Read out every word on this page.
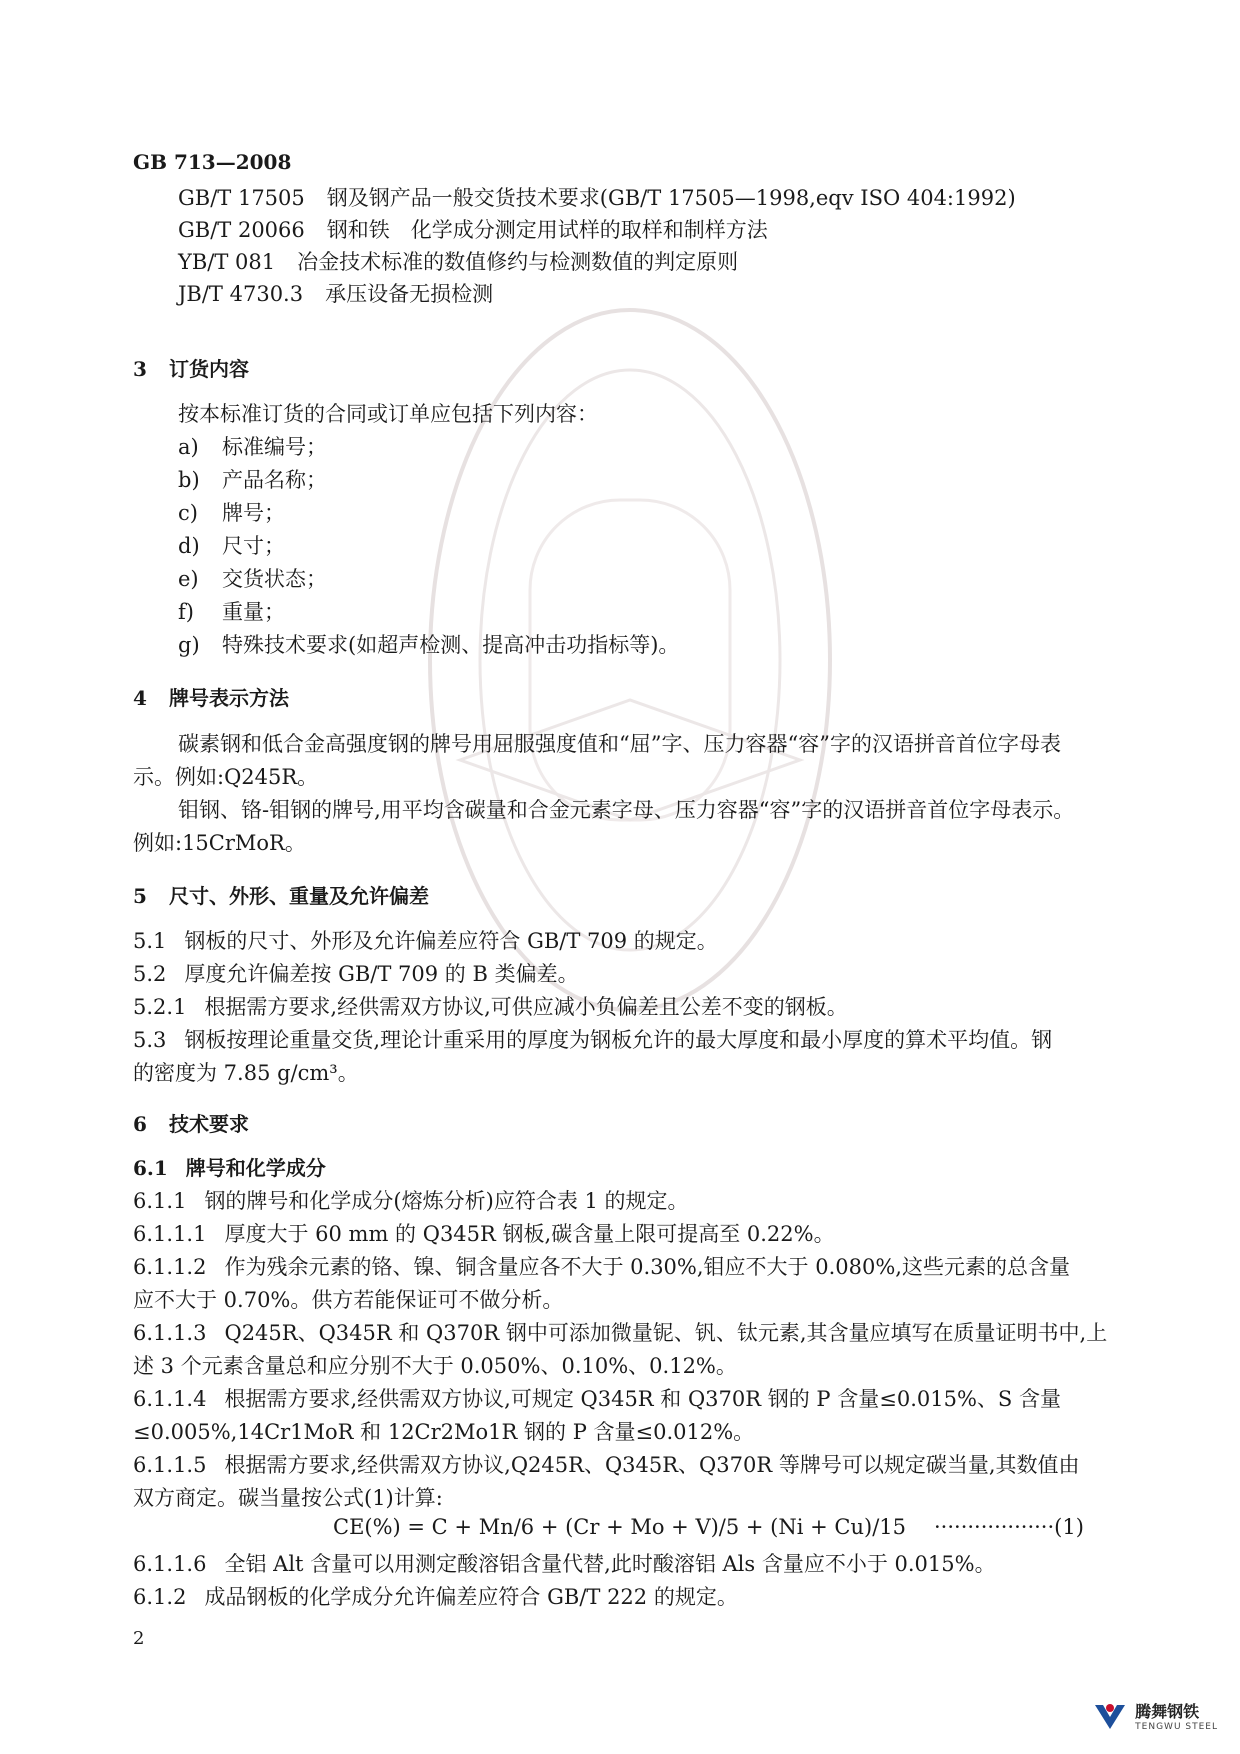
GB 713—2008
GB/T 17505 钢及钢产品一般交货技术要求(GB/T 17505—1998,eqv ISO 404:1992)
GB/T 20066 钢和铁　化学成分测定用试样的取样和制样方法
YB/T 081 冶金技术标准的数值修约与检测数值的判定原则
JB/T 4730.3 承压设备无损检测
3 订货内容
按本标准订货的合同或订单应包括下列内容：
a) 标准编号；
b) 产品名称；
c) 牌号；
d) 尺寸；
e) 交货状态；
f) 重量；
g) 特殊技术要求(如超声检测、提高冲击功指标等)。
4 牌号表示方法
碳素钢和低合金高强度钢的牌号用屈服强度值和“屈”字、压力容器“容”字的汉语拼音首位字母表
示。例如:Q245R。
钼钢、铬-钼钢的牌号,用平均含碳量和合金元素字母、压力容器“容”字的汉语拼音首位字母表示。
例如:15CrMoR。
5 尺寸、外形、重量及允许偏差
5.1 钢板的尺寸、外形及允许偏差应符合 GB/T 709 的规定。
5.2 厚度允许偏差按 GB/T 709 的 B 类偏差。
5.2.1 根据需方要求,经供需双方协议,可供应减小负偏差且公差不变的钢板。
5.3 钢板按理论重量交货,理论计重采用的厚度为钢板允许的最大厚度和最小厚度的算术平均值。钢
的密度为 7.85 g/cm³。
6 技术要求
6.1 牌号和化学成分
6.1.1 钢的牌号和化学成分(熔炼分析)应符合表 1 的规定。
6.1.1.1 厚度大于 60 mm 的 Q345R 钢板,碳含量上限可提高至 0.22%。
6.1.1.2 作为残余元素的铬、镍、铜含量应各不大于 0.30%,钼应不大于 0.080%,这些元素的总含量
应不大于 0.70%。供方若能保证可不做分析。
6.1.1.3 Q245R、Q345R 和 Q370R 钢中可添加微量铌、钒、钛元素,其含量应填写在质量证明书中,上
述 3 个元素含量总和应分别不大于 0.050%、0.10%、0.12%。
6.1.1.4 根据需方要求,经供需双方协议,可规定 Q345R 和 Q370R 钢的 P 含量≤0.015%、S 含量
≤0.005%,14Cr1MoR 和 12Cr2Mo1R 钢的 P 含量≤0.012%。
6.1.1.5 根据需方要求,经供需双方协议,Q245R、Q345R、Q370R 等牌号可以规定碳当量,其数值由
双方商定。碳当量按公式(1)计算:
CE(%) = C + Mn/6 + (Cr + Mo + V)/5 + (Ni + Cu)/15 ··················(1)
6.1.1.6 全铝 Alt 含量可以用测定酸溶铝含量代替,此时酸溶铝 Als 含量应不小于 0.015%。
6.1.2 成品钢板的化学成分允许偏差应符合 GB/T 222 的规定。
2
腾舞钢铁
TENGWU STEEL
